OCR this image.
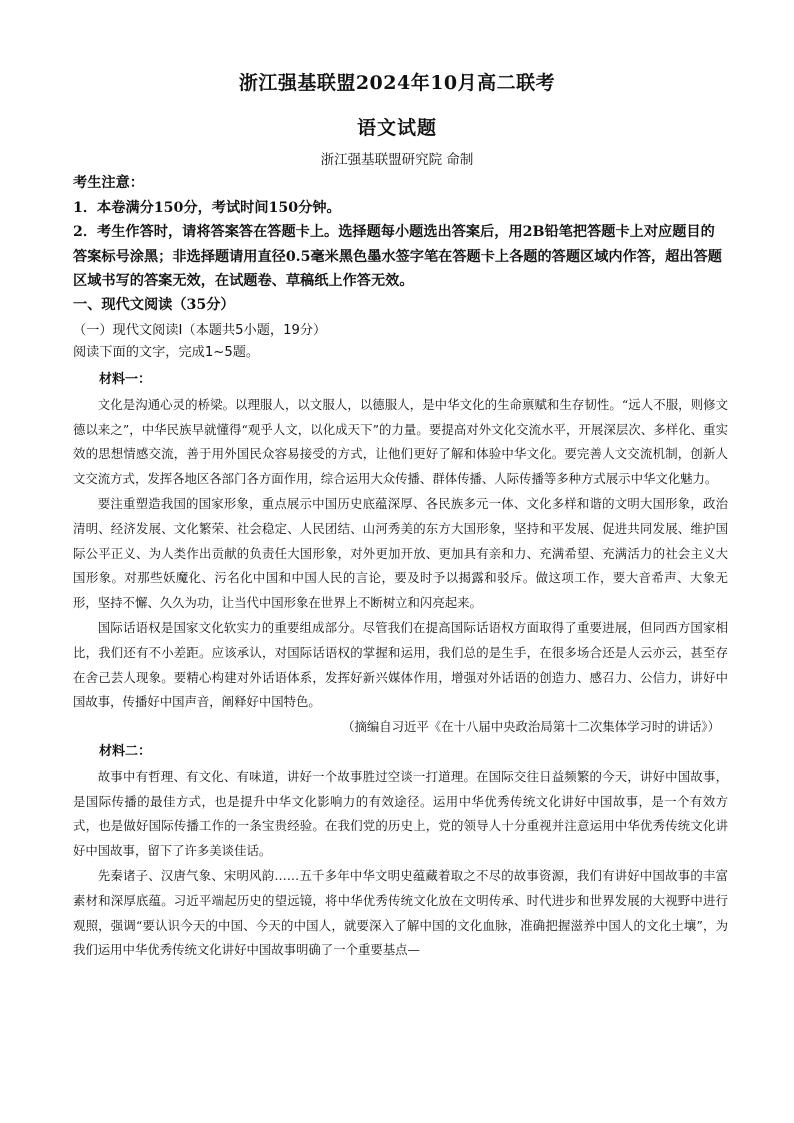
浙江强基联盟2024年10月高二联考
语文试题
浙江强基联盟研究院 命制

考生注意：

1．本卷满分150分，考试时间150分钟。

2．考生作答时，请将答案答在答题卡上。选择题每小题选出答案后，用2B铅笔把答题卡上对应题目的答案标号涂黑；非选择题请用直径0.5毫米黑色墨水签字笔在答题卡上各题的答题区域内作答，超出答题区域书写的答案无效，在试题卷、草稿纸上作答无效。

一、现代文阅读（35分）
（一）现代文阅读Ⅰ（本题共5小题，19分）
阅读下面的文字，完成1~5题。

材料一：

文化是沟通心灵的桥梁。以理服人，以文服人，以德服人，是中华文化的生命禀赋和生存韧性。“远人不服，则修文德以来之”，中华民族早就懂得“观乎人文，以化成天下”的力量。要提高对外文化交流水平，开展深层次、多样化、重实效的思想情感交流，善于用外国民众容易接受的方式，让他们更好了解和体验中华文化。要完善人文交流机制，创新人文交流方式，发挥各地区各部门各方面作用，综合运用大众传播、群体传播、人际传播等多种方式展示中华文化魅力。

要注重塑造我国的国家形象，重点展示中国历史底蕴深厚、各民族多元一体、文化多样和谐的文明大国形象，政治清明、经济发展、文化繁荣、社会稳定、人民团结、山河秀美的东方大国形象，坚持和平发展、促进共同发展、维护国际公平正义、为人类作出贡献的负责任大国形象，对外更加开放、更加具有亲和力、充满希望、充满活力的社会主义大国形象。对那些妖魔化、污名化中国和中国人民的言论，要及时予以揭露和驳斥。做这项工作，要大音希声、大象无形，坚持不懈、久久为功，让当代中国形象在世界上不断树立和闪亮起来。

国际话语权是国家文化软实力的重要组成部分。尽管我们在提高国际话语权方面取得了重要进展，但同西方国家相比，我们还有不小差距。应该承认，对国际话语权的掌握和运用，我们总的是生手，在很多场合还是人云亦云，甚至存在舍己芸人现象。要精心构建对外话语体系，发挥好新兴媒体作用，增强对外话语的创造力、感召力、公信力，讲好中国故事，传播好中国声音，阐释好中国特色。

（摘编自习近平《在十八届中央政治局第十二次集体学习时的讲话》）

材料二：

故事中有哲理、有文化、有味道，讲好一个故事胜过空谈一打道理。在国际交往日益频繁的今天，讲好中国故事，是国际传播的最佳方式，也是提升中华文化影响力的有效途径。运用中华优秀传统文化讲好中国故事，是一个有效方式，也是做好国际传播工作的一条宝贵经验。在我们党的历史上，党的领导人十分重视并注意运用中华优秀传统文化讲好中国故事，留下了许多美谈佳话。

先秦诸子、汉唐气象、宋明风韵……五千多年中华文明史蕴藏着取之不尽的故事资源，我们有讲好中国故事的丰富素材和深厚底蕴。习近平端起历史的望远镜，将中华优秀传统文化放在文明传承、时代进步和世界发展的大视野中进行观照，强调“要认识今天的中国、今天的中国人，就要深入了解中国的文化血脉，准确把握滋养中国人的文化土壤”，为我们运用中华优秀传统文化讲好中国故事明确了一个重要基点—
